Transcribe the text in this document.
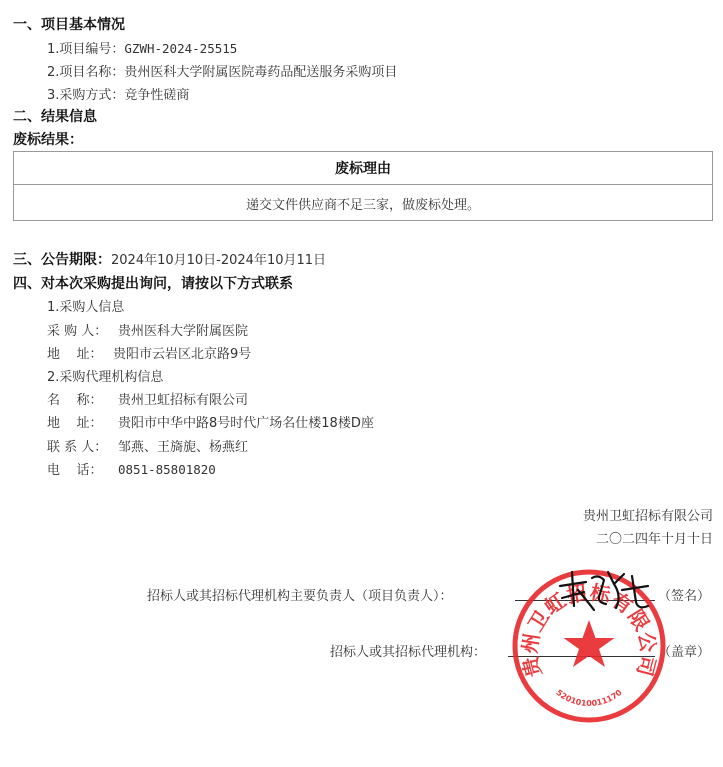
一、项目基本情况
1.项目编号：GZWH-2024-25515
2.项目名称：贵州医科大学附属医院毒药品配送服务采购项目
3.采购方式：竞争性磋商
二、结果信息
废标结果：
废标理由
递交文件供应商不足三家，做废标处理。
三、公告期限：2024年10月10日-2024年10月11日
四、对本次采购提出询问，请按以下方式联系
1.采购人信息
采 购 人： 贵州医科大学附属医院
地    址： 贵阳市云岩区北京路9号
2.采购代理机构信息
名    称： 贵州卫虹招标有限公司
地    址： 贵阳市中华中路8号时代广场名仕楼18楼D座
联 系 人： 邹燕、王旖旎、杨燕红
电    话： 0851-85801820
贵州卫虹招标有限公司
二〇二四年十月十日
招标人或其招标代理机构主要负责人（项目负责人）：	（签名）
招标人或其招标代理机构：	（盖章）
贵州卫虹招标有限公司
5201010011170
